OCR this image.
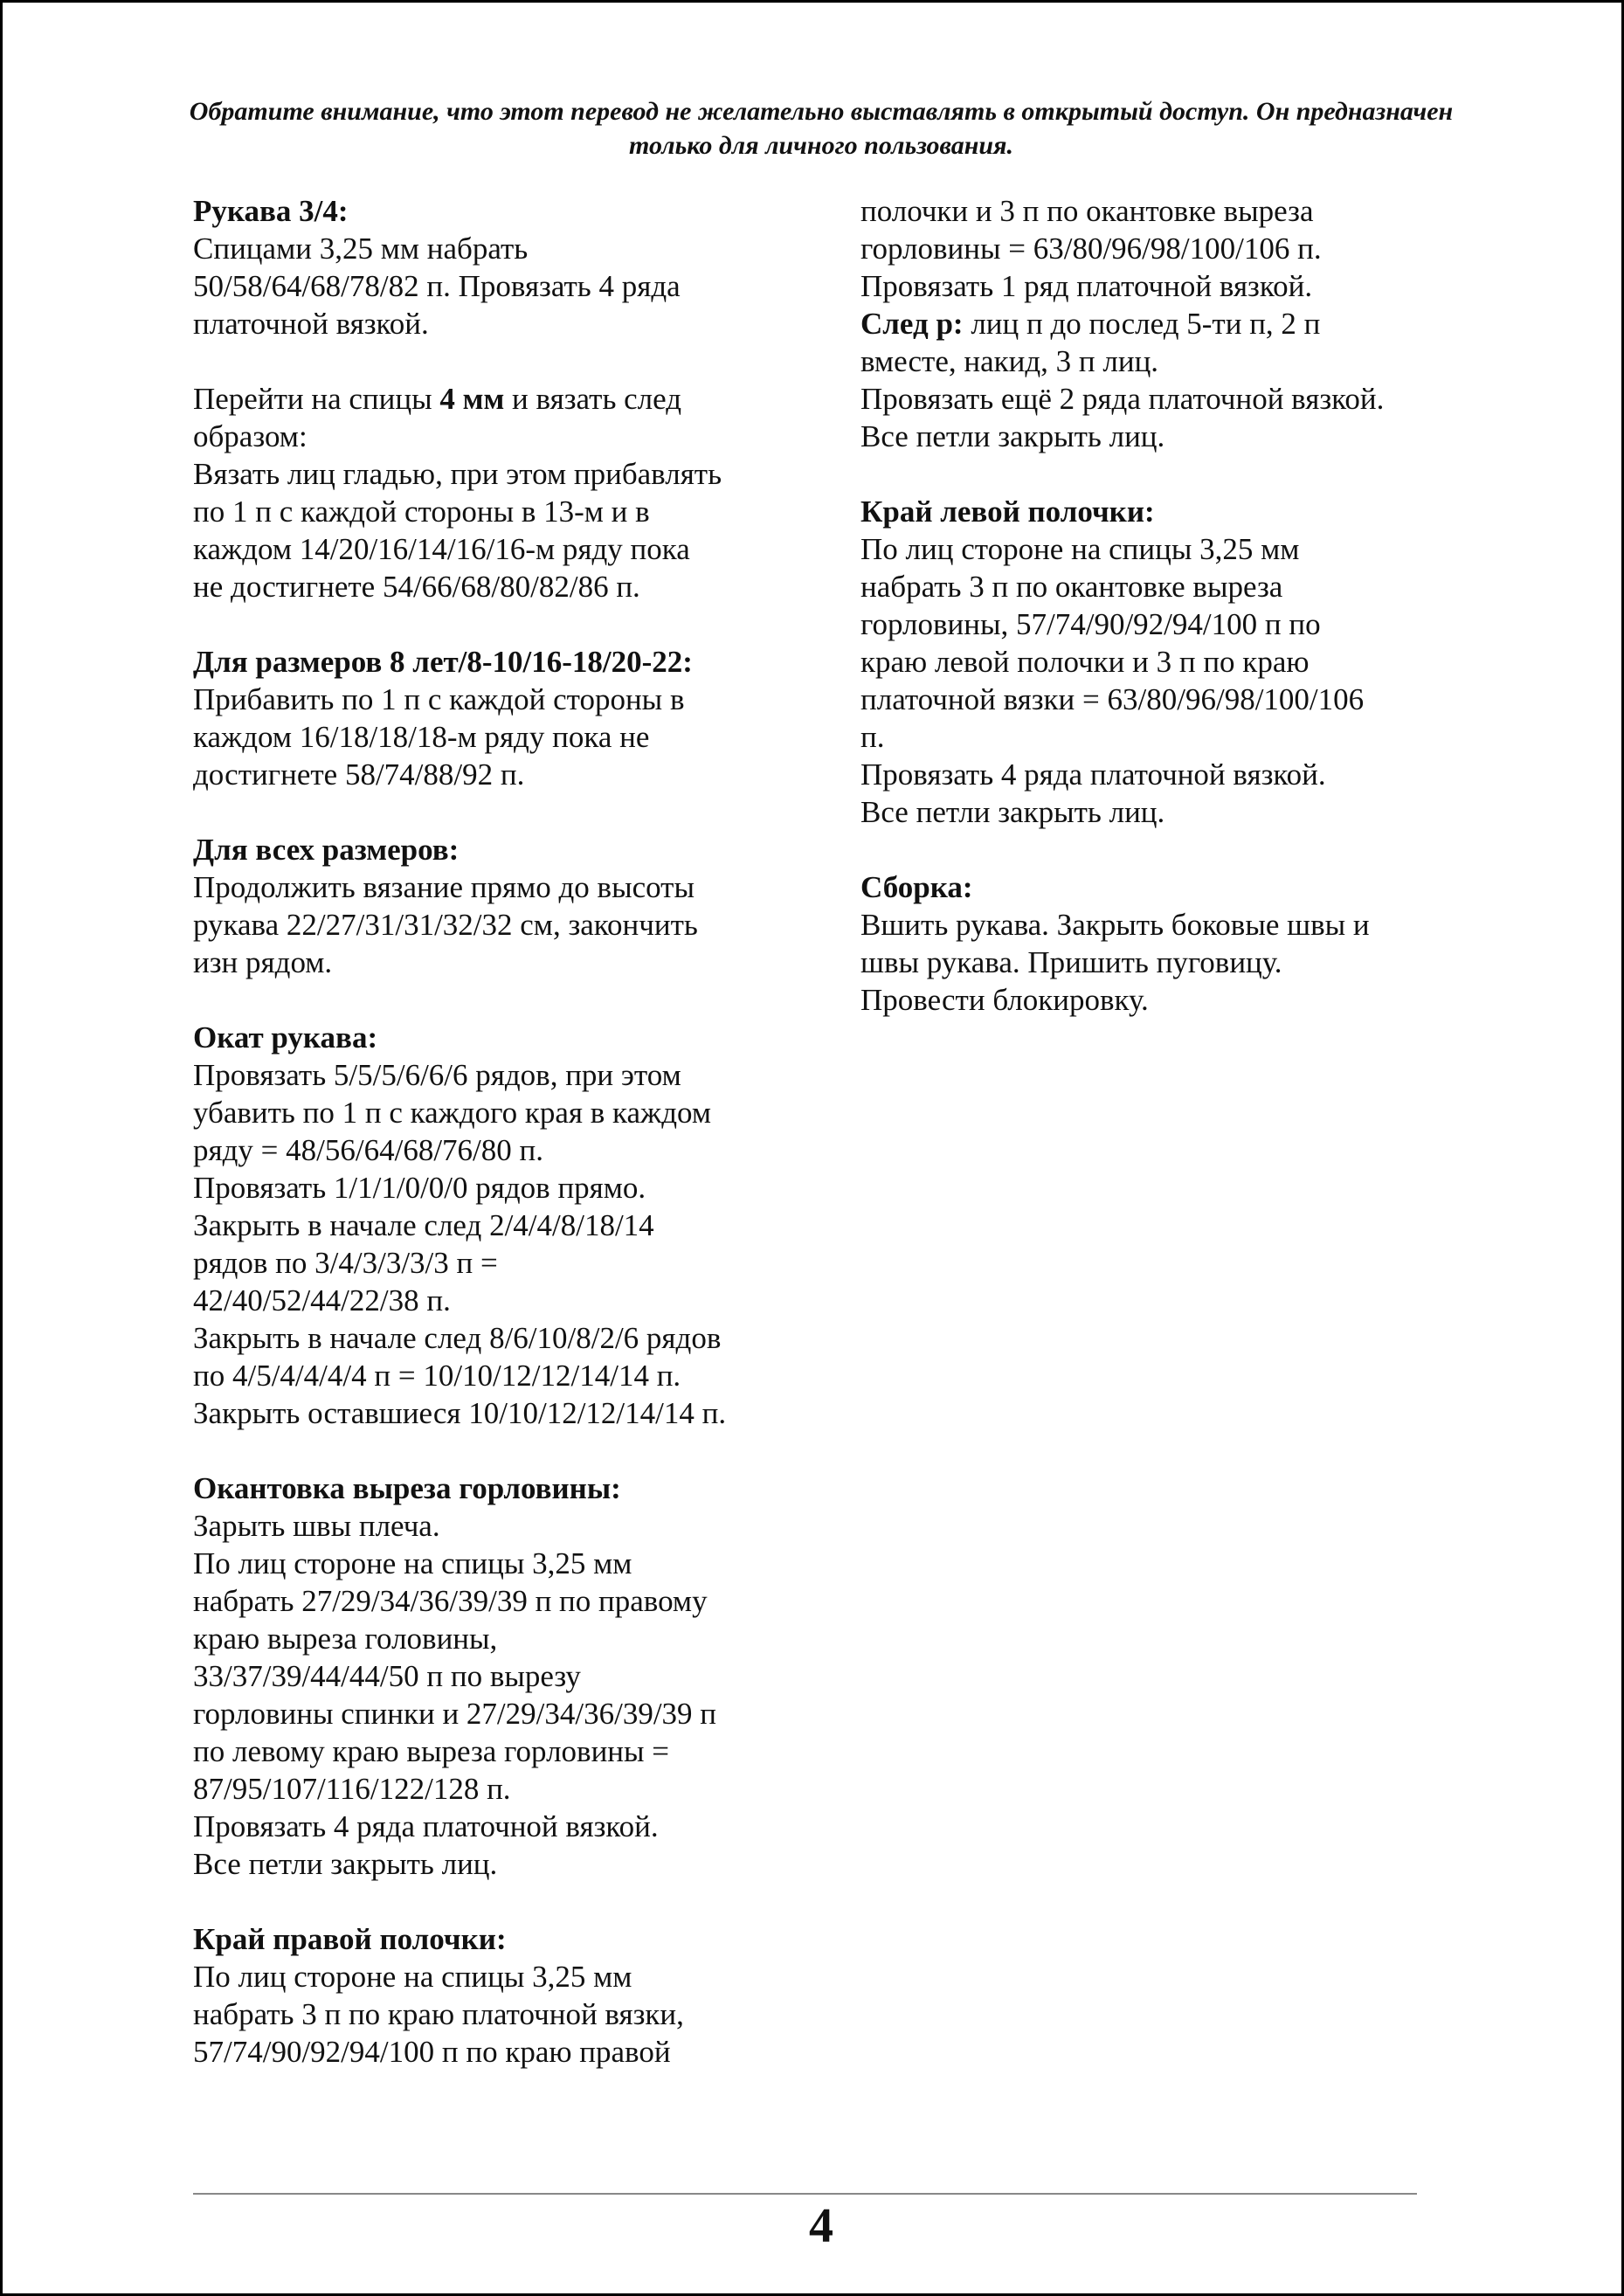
Обратите внимание, что этот перевод не желательно выставлять в открытый доступ. Он предназначен только для личного пользования.
Рукава 3/4:
Спицами 3,25 мм набрать
50/58/64/68/78/82 п. Провязать 4 ряда
платочной вязкой.
Перейти на спицы 4 мм и вязать след
образом:
Вязать лиц гладью, при этом прибавлять
по 1 п с каждой стороны в 13-м и в
каждом 14/20/16/14/16/16-м ряду пока
не достигнете 54/66/68/80/82/86 п.
Для размеров 8 лет/8-10/16-18/20-22:
Прибавить по 1 п с каждой стороны в
каждом 16/18/18/18-м ряду пока не
достигнете 58/74/88/92 п.
Для всех размеров:
Продолжить вязание прямо до высоты
рукава 22/27/31/31/32/32 см, закончить
изн рядом.
Окат рукава:
Провязать 5/5/5/6/6/6 рядов, при этом
убавить по 1 п с каждого края в каждом
ряду = 48/56/64/68/76/80 п.
Провязать 1/1/1/0/0/0 рядов прямо.
Закрыть в начале след 2/4/4/8/18/14
рядов по 3/4/3/3/3/3 п =
42/40/52/44/22/38 п.
Закрыть в начале след 8/6/10/8/2/6 рядов
по 4/5/4/4/4/4 п = 10/10/12/12/14/14 п.
Закрыть оставшиеся 10/10/12/12/14/14 п.
Окантовка выреза горловины:
Зарыть швы плеча.
По лиц стороне на спицы 3,25 мм
набрать 27/29/34/36/39/39 п по правому
краю выреза головины,
33/37/39/44/44/50 п по вырезу
горловины спинки и 27/29/34/36/39/39 п
по левому краю выреза горловины =
87/95/107/116/122/128 п.
Провязать 4 ряда платочной вязкой.
Все петли закрыть лиц.
Край правой полочки:
По лиц стороне на спицы 3,25 мм
набрать 3 п по краю платочной вязки,
57/74/90/92/94/100 п по краю правой
полочки и 3 п по окантовке выреза
горловины = 63/80/96/98/100/106 п.
Провязать 1 ряд платочной вязкой.
След р: лиц п до послед 5-ти п, 2 п
вместе, накид, 3 п лиц.
Провязать ещё 2 ряда платочной вязкой.
Все петли закрыть лиц.
Край левой полочки:
По лиц стороне на спицы 3,25 мм
набрать 3 п по окантовке выреза
горловины, 57/74/90/92/94/100 п по
краю левой полочки и 3 п по краю
платочной вязки = 63/80/96/98/100/106
п.
Провязать 4 ряда платочной вязкой.
Все петли закрыть лиц.
Сборка:
Вшить рукава. Закрыть боковые швы и
швы рукава. Пришить пуговицу.
Провести блокировку.
4
